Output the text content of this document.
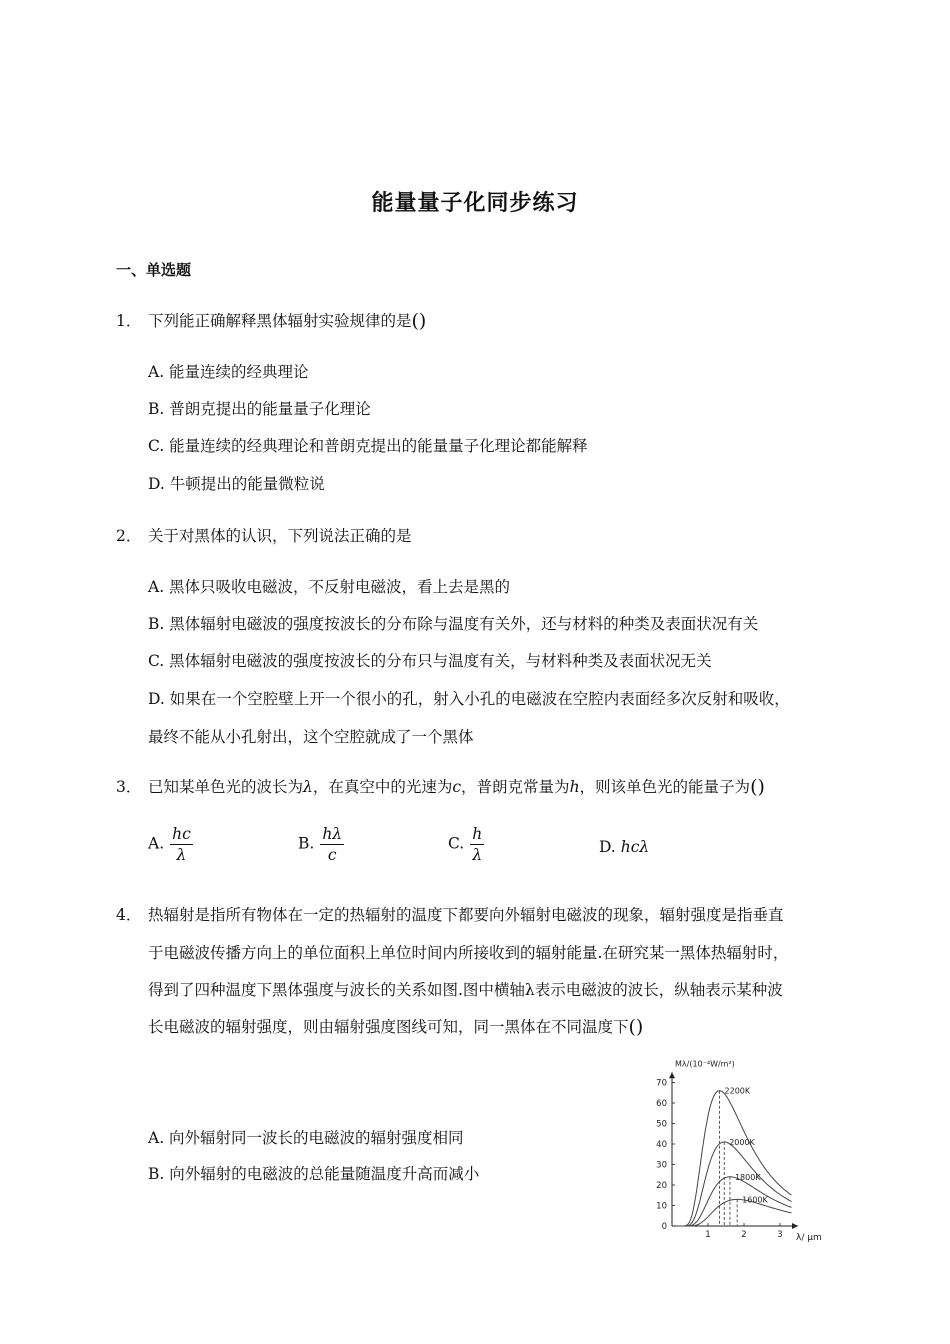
能量量子化同步练习
一、单选题
1． 下列能正确解释黑体辐射实验规律的是()
A. 能量连续的经典理论
B. 普朗克提出的能量量子化理论
C. 能量连续的经典理论和普朗克提出的能量量子化理论都能解释
D. 牛顿提出的能量微粒说
2． 关于对黑体的认识，下列说法正确的是
A. 黑体只吸收电磁波，不反射电磁波，看上去是黑的
B. 黑体辐射电磁波的强度按波长的分布除与温度有关外，还与材料的种类及表面状况有关
C. 黑体辐射电磁波的强度按波长的分布只与温度有关，与材料种类及表面状况无关
D. 如果在一个空腔壁上开一个很小的孔，射入小孔的电磁波在空腔内表面经多次反射和吸收，
最终不能从小孔射出，这个空腔就成了一个黑体
3． 已知某单色光的波长为λ，在真空中的光速为c，普朗克常量为h，则该单色光的能量子为()
A. $\frac{hc}{\lambda}$	B. $\frac{h\lambda}{c}$	C. $\frac{h}{\lambda}$	D. hcλ
4． 热辐射是指所有物体在一定的热辐射的温度下都要向外辐射电磁波的现象，辐射强度是指垂直
于电磁波传播方向上的单位面积上单位时间内所接收到的辐射能量.在研究某一黑体热辐射时，
得到了四种温度下黑体强度与波长的关系如图.图中横轴λ表示电磁波的波长，纵轴表示某种波
长电磁波的辐射强度，则由辐射强度图线可知，同一黑体在不同温度下()
A. 向外辐射同一波长的电磁波的辐射强度相同
B. 向外辐射的电磁波的总能量随温度升高而减小
0
10
20
30
40
50
60
70
1	2	3
Mλ/(10⁻⁴W/m²)
λ/ μm
2200K
2000K
1800K
1600K
